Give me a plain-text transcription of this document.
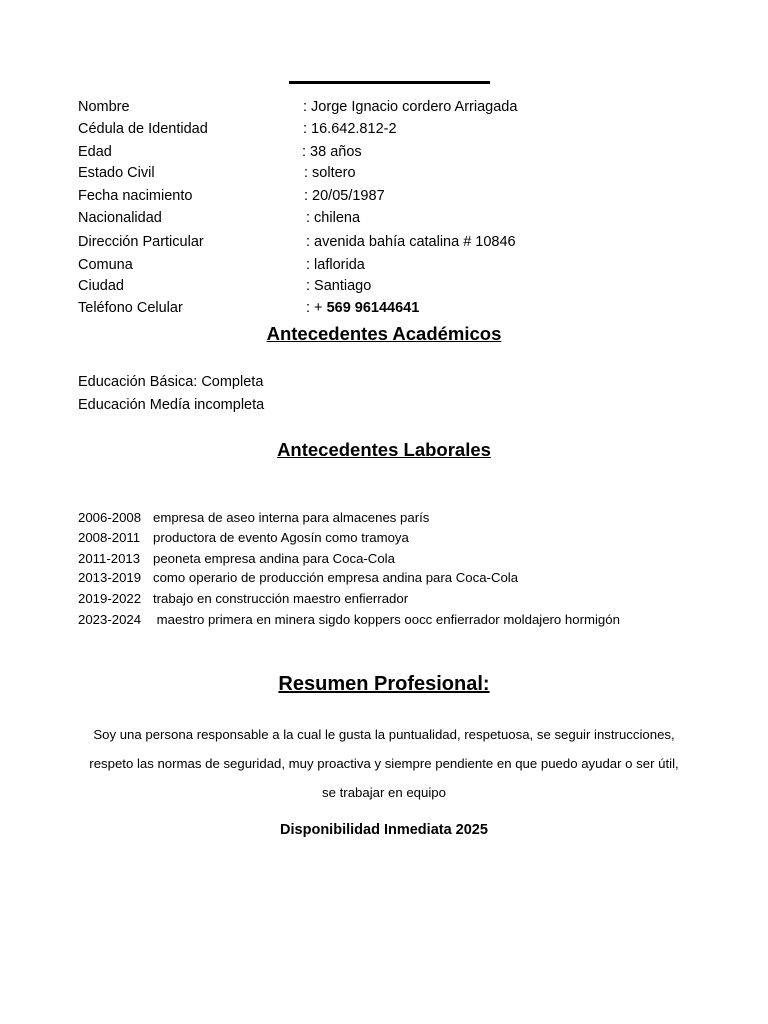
Nombre	: Jorge Ignacio cordero Arriagada
Cédula de Identidad	: 16.642.812-2
Edad	: 38 años
Estado Civil	: soltero
Fecha nacimiento	: 20/05/1987
Nacionalidad	: chilena
Dirección Particular	: avenida bahía catalina # 10846
Comuna	: laflorida
Ciudad	: Santiago
Teléfono Celular	: + 569 96144641
Antecedentes Académicos
Educación Básica: Completa
Educación Medía incompleta
Antecedentes Laborales
2006-2008 empresa de aseo interna para almacenes parís
2008-2011 productora de evento Agosín como tramoya
2011-2013 peoneta empresa andina para Coca-Cola
2013-2019 como operario de producción empresa andina para Coca-Cola
2019-2022 trabajo en construcción maestro enfierrador
2023-2024 maestro primera en minera sigdo koppers oocc enfierrador moldajero hormigón
Resumen Profesional:
Soy una persona responsable a la cual le gusta la puntualidad, respetuosa, se seguir instrucciones,
respeto las normas de seguridad, muy proactiva y siempre pendiente en que puedo ayudar o ser útil,
se trabajar en equipo
Disponibilidad Inmediata 2025
